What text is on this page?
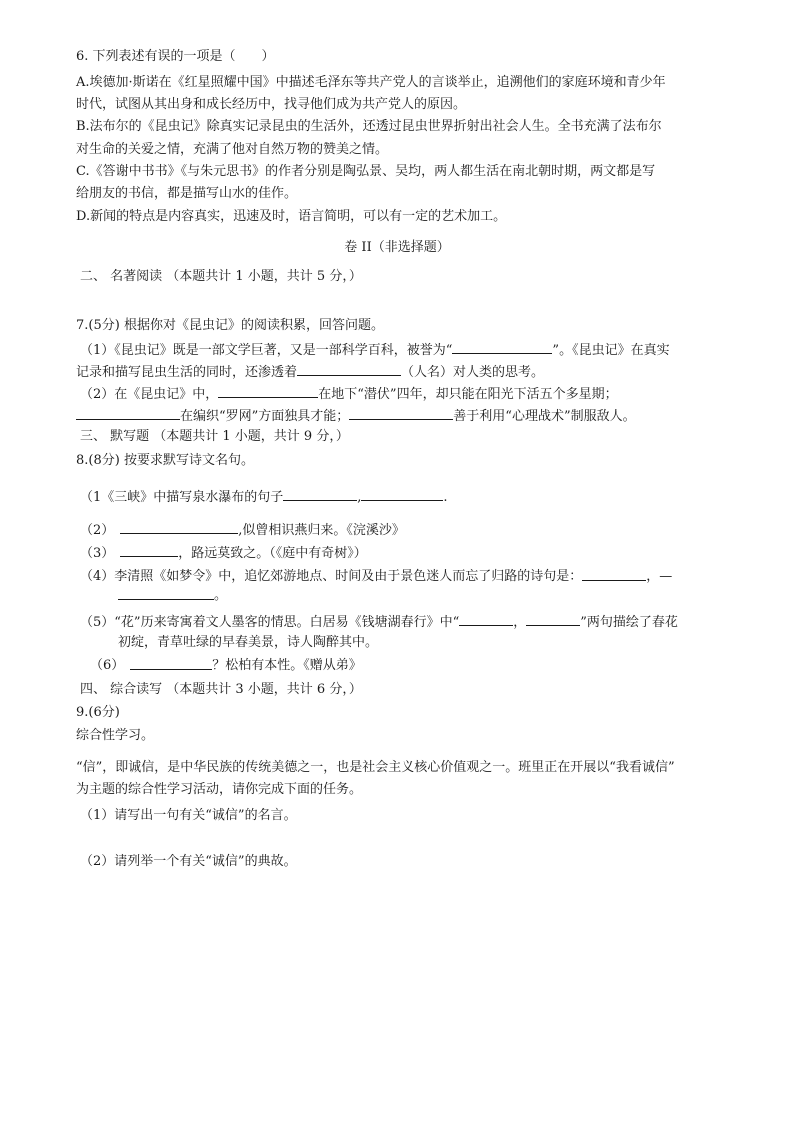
6. 下列表述有误的一项是（　　）
A.埃德加·斯诺在《红星照耀中国》中描述毛泽东等共产党人的言谈举止，追溯他们的家庭环境和青少年
时代，试图从其出身和成长经历中，找寻他们成为共产党人的原因。
B.法布尔的《昆虫记》除真实记录昆虫的生活外，还透过昆虫世界折射出社会人生。全书充满了法布尔
对生命的关爱之情，充满了他对自然万物的赞美之情。
C.《答谢中书书》《与朱元思书》的作者分别是陶弘景、吴均，两人都生活在南北朝时期，两文都是写
给朋友的书信，都是描写山水的佳作。
D.新闻的特点是内容真实，迅速及时，语言简明，可以有一定的艺术加工。
卷 II（非选择题）
二、 名著阅读 （本题共计 1 小题，共计 5 分，）
7.(5分) 根据你对《昆虫记》的阅读积累，回答问题。
（1）《昆虫记》既是一部文学巨著，又是一部科学百科，被誉为“	”。《昆虫记》在真实
记录和描写昆虫生活的同时，还渗透着	（人名）对人类的思考。
（2）在《昆虫记》中，	在地下“潜伏”四年，却只能在阳光下活五个多星期；
在编织“罗网”方面独具才能；	善于利用“心理战术”制服敌人。
三、 默写题 （本题共计 1 小题，共计 9 分，）
8.(8分) 按要求默写诗文名句。
（1《三峡》中描写泉水瀑布的句子	,	.
（2）	,似曾相识燕归来。《浣溪沙》
（3）	，路远莫致之。（《庭中有奇树》）
（4）李清照《如梦令》中，追忆郊游地点、时间及由于景色迷人而忘了归路的诗句是：	，—
。
（5）“花”历来寄寓着文人墨客的情思。白居易《钱塘湖春行》中“	，	”两句描绘了春花
初绽，青草吐绿的早春美景，诗人陶醉其中。
（6）	？松柏有本性。《赠从弟》
四、 综合读写 （本题共计 3 小题，共计 6 分，）
9.(6分)
综合性学习。
“信”，即诚信，是中华民族的传统美德之一，也是社会主义核心价值观之一。班里正在开展以“我看诚信”
为主题的综合性学习活动，请你完成下面的任务。
（1）请写出一句有关“诚信”的名言。
（2）请列举一个有关“诚信”的典故。
